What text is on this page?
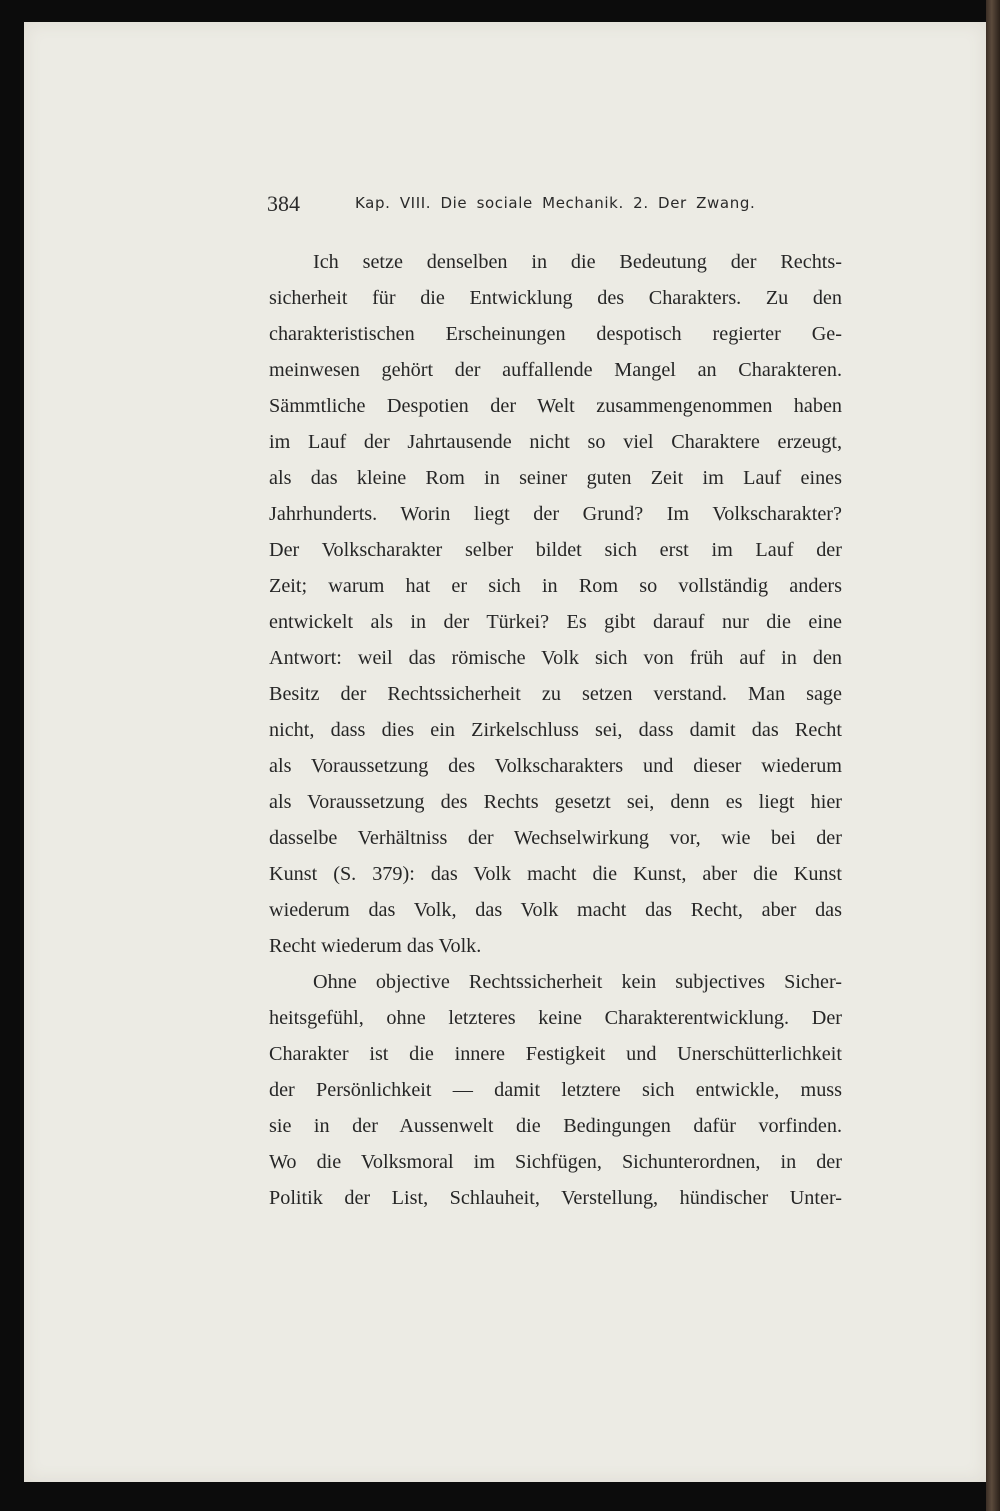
384	Kap. VIII. Die sociale Mechanik. 2. Der Zwang.
Ich setze denselben in die Bedeutung der Rechts-
sicherheit für die Entwicklung des Charakters. Zu den
charakteristischen Erscheinungen despotisch regierter Ge-
meinwesen gehört der auffallende Mangel an Charakteren.
Sämmtliche Despotien der Welt zusammengenommen haben
im Lauf der Jahrtausende nicht so viel Charaktere erzeugt,
als das kleine Rom in seiner guten Zeit im Lauf eines
Jahrhunderts. Worin liegt der Grund? Im Volkscharakter?
Der Volkscharakter selber bildet sich erst im Lauf der
Zeit; warum hat er sich in Rom so vollständig anders
entwickelt als in der Türkei? Es gibt darauf nur die eine
Antwort: weil das römische Volk sich von früh auf in den
Besitz der Rechtssicherheit zu setzen verstand. Man sage
nicht, dass dies ein Zirkelschluss sei, dass damit das Recht
als Voraussetzung des Volkscharakters und dieser wiederum
als Voraussetzung des Rechts gesetzt sei, denn es liegt hier
dasselbe Verhältniss der Wechselwirkung vor, wie bei der
Kunst (S. 379): das Volk macht die Kunst, aber die Kunst
wiederum das Volk, das Volk macht das Recht, aber das
Recht wiederum das Volk.
Ohne objective Rechtssicherheit kein subjectives Sicher-
heitsgefühl, ohne letzteres keine Charakterentwicklung. Der
Charakter ist die innere Festigkeit und Unerschütterlichkeit
der Persönlichkeit — damit letztere sich entwickle, muss
sie in der Aussenwelt die Bedingungen dafür vorfinden.
Wo die Volksmoral im Sichfügen, Sichunterordnen, in der
Politik der List, Schlauheit, Verstellung, hündischer Unter-
